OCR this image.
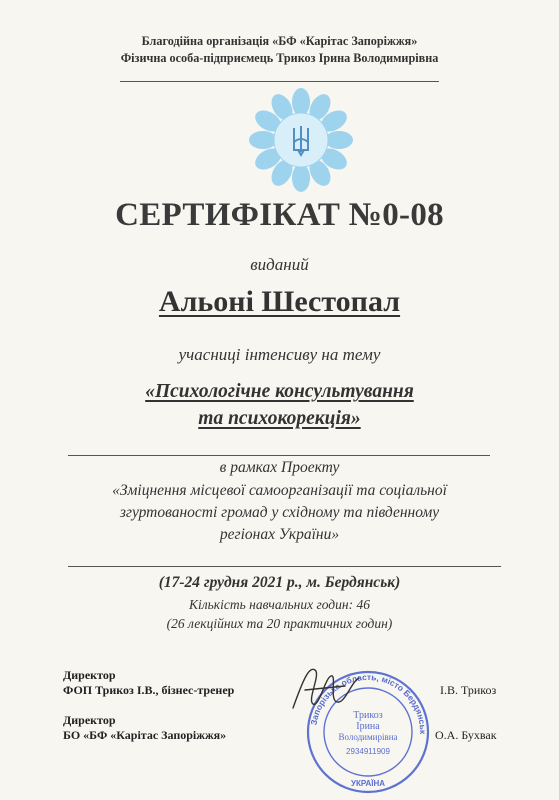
Благодійна організація «БФ «Карітас Запоріжжя»
Фізична особа-підприємець Трикоз Ірина Володимирівна
СЕРТИФІКАТ №0-08
виданий
Альоні Шестопал
учасниці інтенсиву на тему
«Психологічне консультування
та психокорекція»
в рамках Проекту
«Зміцнення місцевої самоорганізації та соціальної
згуртованості громад у східному та південному
регіонах України»
(17-24 грудня 2021 р., м. Бердянськ)
Кількість навчальних годин: 46
(26 лекційних та 20 практичних годин)
Директор
ФОП Трикоз І.В., бізнес-тренер	І.В. Трикоз
Директор
БО «БФ «Карітас Запоріжжя»	О.А. Бухвак
Запорізька область, місто Бердянськ
Трикоз
Ірина
Володимирівна
2934911909
УКРАЇНА
